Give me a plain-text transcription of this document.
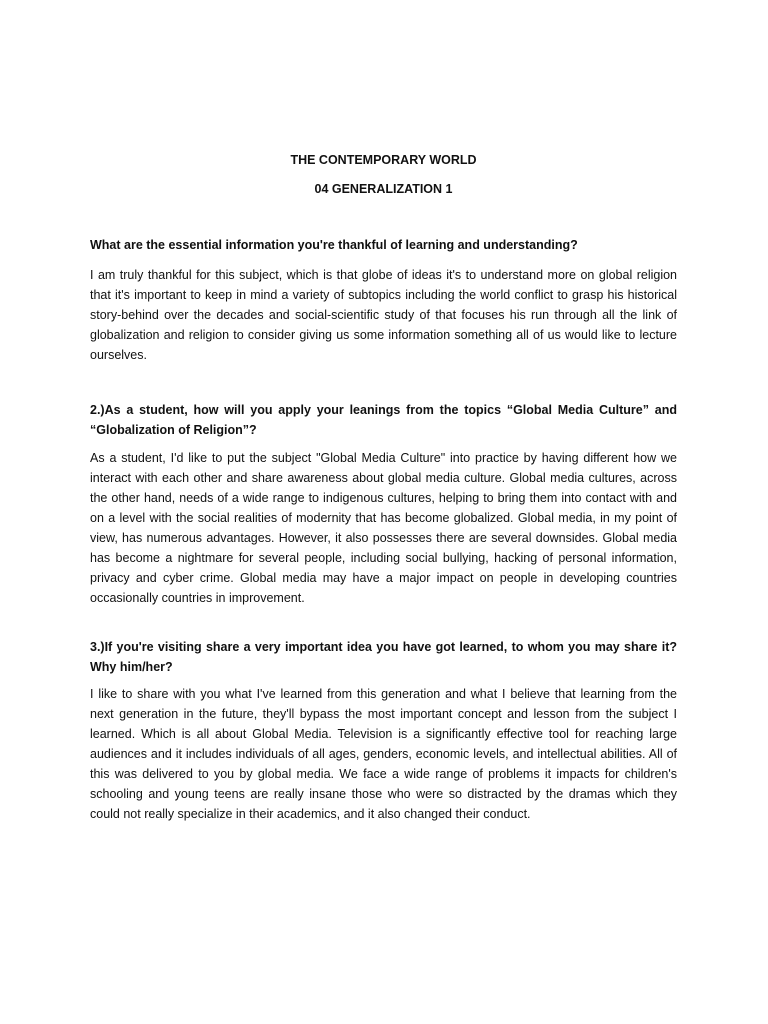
THE CONTEMPORARY WORLD
04 GENERALIZATION 1
What are the essential information you're thankful of learning and understanding?
I am truly thankful for this subject, which is that globe of ideas it's to understand more on global religion that it's important to keep in mind a variety of subtopics including the world conflict to grasp his historical story-behind over the decades and social-scientific study of that focuses his run through all the link of globalization and religion to consider giving us some information something all of us would like to lecture ourselves.
2.)As a student, how will you apply your leanings from the topics “Global Media Culture” and “Globalization of Religion”?
As a student, I'd like to put the subject "Global Media Culture" into practice by having different how we interact with each other and share awareness about global media culture. Global media cultures, across the other hand, needs of a wide range to indigenous cultures, helping to bring them into contact with and on a level with the social realities of modernity that has become globalized. Global media, in my point of view, has numerous advantages. However, it also possesses there are several downsides. Global media has become a nightmare for several people, including social bullying, hacking of personal information, privacy and cyber crime. Global media may have a major impact on people in developing countries occasionally countries in improvement.
3.)If you're visiting share a very important idea you have got learned, to whom you may share it? Why him/her?
I like to share with you what I've learned from this generation and what I believe that learning from the next generation in the future, they'll bypass the most important concept and lesson from the subject I learned. Which is all about Global Media. Television is a significantly effective tool for reaching large audiences and it includes individuals of all ages, genders, economic levels, and intellectual abilities. All of this was delivered to you by global media. We face a wide range of problems it impacts for children's schooling and young teens are really insane those who were so distracted by the dramas which they could not really specialize in their academics, and it also changed their conduct.
